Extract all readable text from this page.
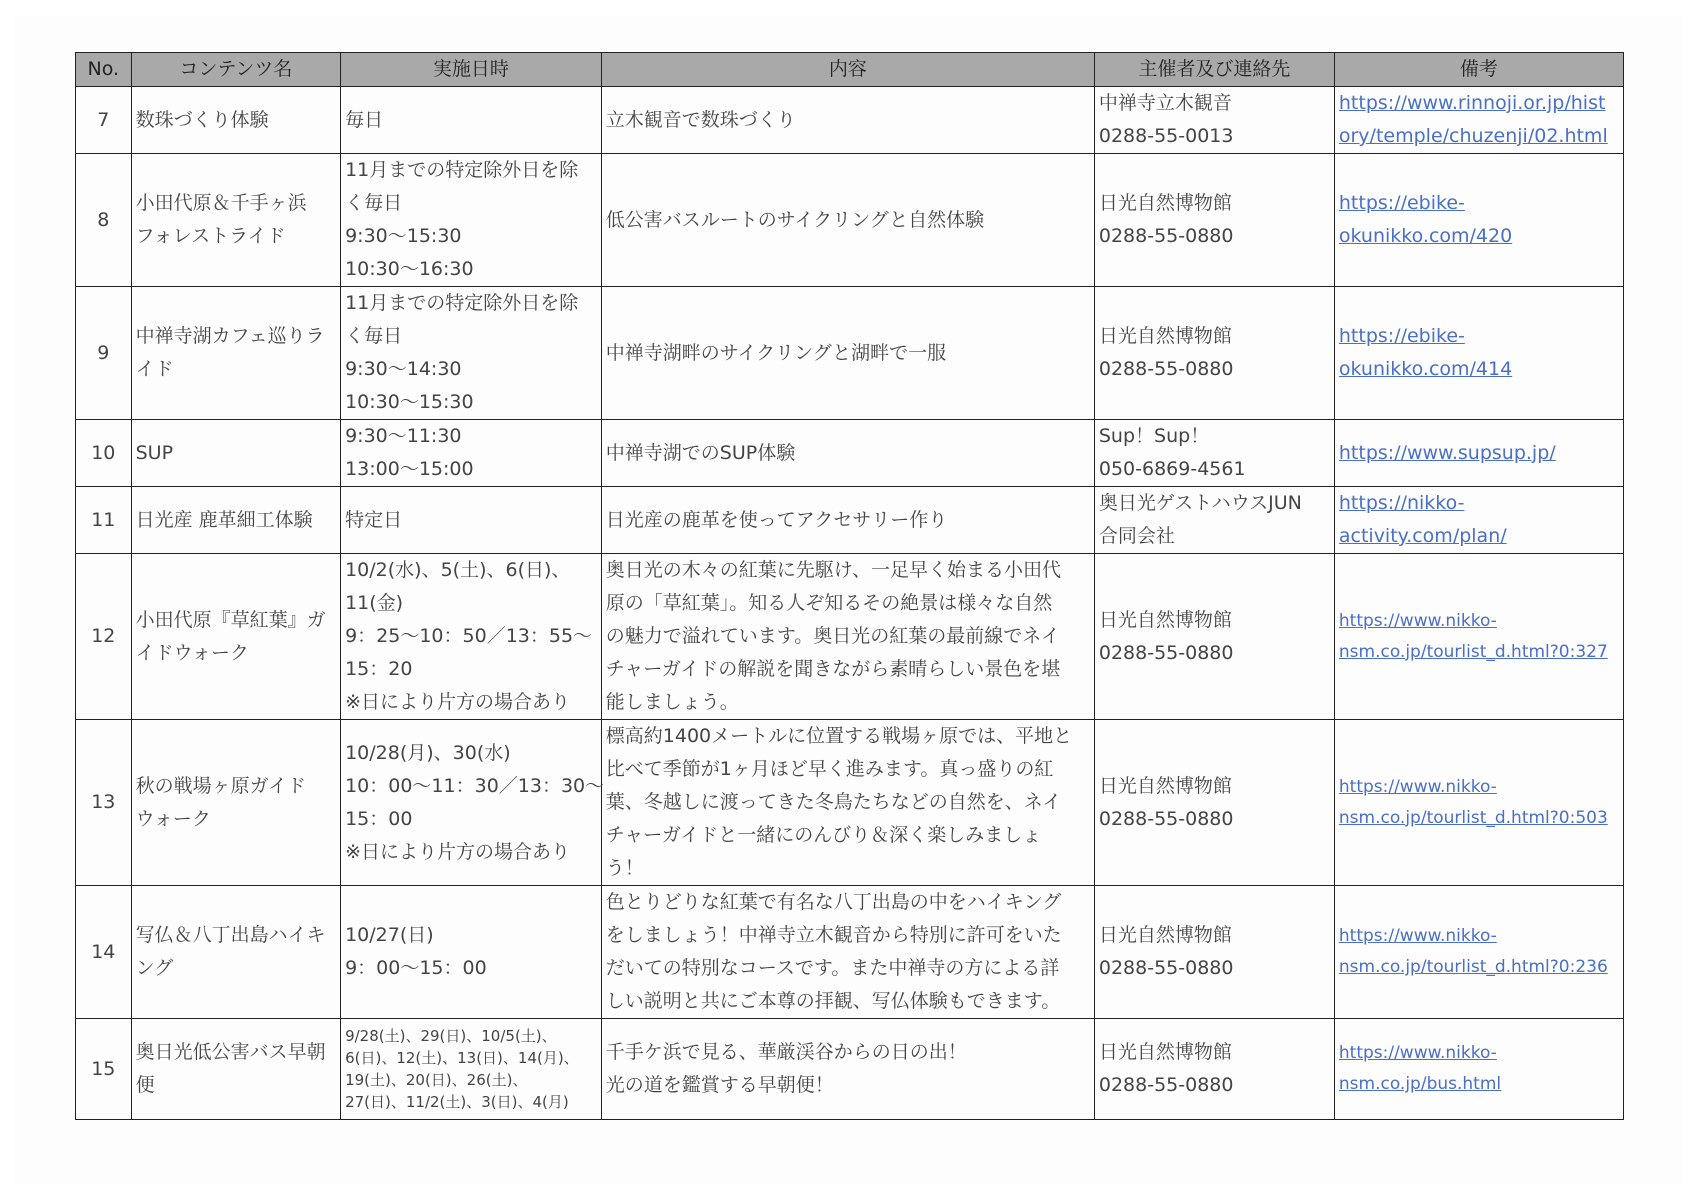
No.	コンテンツ名	実施日時	内容	主催者及び連絡先	備考
7	数珠づくり体験	毎日	立木観音で数珠づくり	中禅寺立木観音
0288-55-0013	https://www.rinnoji.or.jp/hist
ory/temple/chuzenji/02.html

8	小田代原＆千手ヶ浜
フォレストライド	11月までの特定除外日を除
く毎日
9:30～15:30
10:30～16:30	低公害バスルートのサイクリングと自然体験	日光自然博物館
0288-55-0880	https://ebike-
okunikko.com/420

9	中禅寺湖カフェ巡りラ
イド	11月までの特定除外日を除
く毎日
9:30～14:30
10:30～15:30	中禅寺湖畔のサイクリングと湖畔で一服	日光自然博物館
0288-55-0880	https://ebike-
okunikko.com/414

10	SUP	9:30～11:30
13:00～15:00	中禅寺湖でのSUP体験	Sup！Sup！
050-6869-4561	https://www.supsup.jp/

11	日光産 鹿革細工体験	特定日	日光産の鹿革を使ってアクセサリー作り	奥日光ゲストハウスJUN
合同会社	https://nikko-
activity.com/plan/

12	小田代原『草紅葉』ガ
イドウォーク	10/2(水)、5(土)、6(日)、
11(金)
9：25～10：50／13：55～
15：20
※日により片方の場合あり	奥日光の木々の紅葉に先駆け、一足早く始まる小田代
原の「草紅葉」。知る人ぞ知るその絶景は様々な自然
の魅力で溢れています。奥日光の紅葉の最前線でネイ
チャーガイドの解説を聞きながら素晴らしい景色を堪
能しましょう。	日光自然博物館
0288-55-0880	https://www.nikko-
nsm.co.jp/tourlist_d.html?0:327

13	秋の戦場ヶ原ガイド
ウォーク	10/28(月)、30(水)
10：00～11：30／13：30～
15：00
※日により片方の場合あり	標高約1400メートルに位置する戦場ヶ原では、平地と
比べて季節が1ヶ月ほど早く進みます。真っ盛りの紅
葉、冬越しに渡ってきた冬鳥たちなどの自然を、ネイ
チャーガイドと一緒にのんびり＆深く楽しみましょ
う！	日光自然博物館
0288-55-0880	https://www.nikko-
nsm.co.jp/tourlist_d.html?0:503

14	写仏＆八丁出島ハイキ
ング	10/27(日)
9：00～15：00	色とりどりな紅葉で有名な八丁出島の中をハイキング
をしましょう！中禅寺立木観音から特別に許可をいた
だいての特別なコースです。また中禅寺の方による詳
しい説明と共にご本尊の拝観、写仏体験もできます。	日光自然博物館
0288-55-0880	https://www.nikko-
nsm.co.jp/tourlist_d.html?0:236

15	奥日光低公害バス早朝
便	9/28(土)、29(日)、10/5(土)、
6(日)、12(土)、13(日)、14(月)、
19(土)、20(日)、26(土)、
27(日)、11/2(土)、3(日)、4(月)	千手ケ浜で見る、華厳渓谷からの日の出！
光の道を鑑賞する早朝便！	日光自然博物館
0288-55-0880	https://www.nikko-
nsm.co.jp/bus.html
